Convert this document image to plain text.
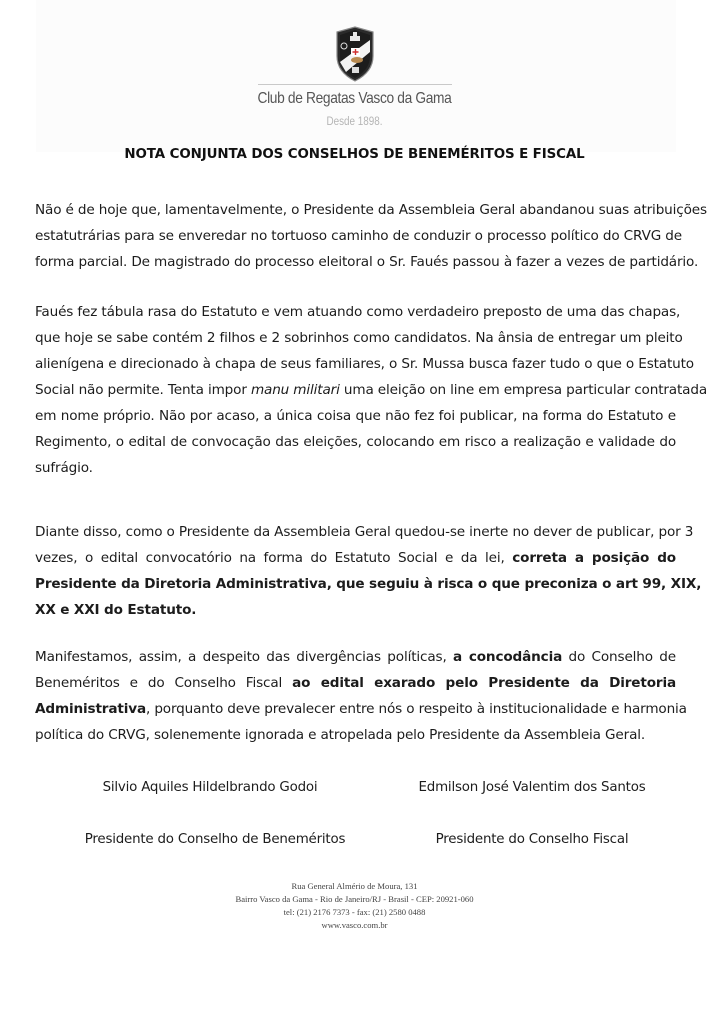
Club de Regatas Vasco da Gama
Desde 1898.
NOTA CONJUNTA DOS CONSELHOS DE BENEMÉRITOS E FISCAL
Não é de hoje que, lamentavelmente, o Presidente da Assembleia Geral abandanou suas atribuições
estatutrárias para se enveredar no tortuoso caminho de conduzir o processo político do CRVG de
forma parcial. De magistrado do processo eleitoral o Sr. Faués passou à fazer a vezes de partidário.
Faués fez tábula rasa do Estatuto e vem atuando como verdadeiro preposto de uma das chapas,
que hoje se sabe contém 2 filhos e 2 sobrinhos como candidatos. Na ânsia de entregar um pleito
alienígena e direcionado à chapa de seus familiares, o Sr. Mussa busca fazer tudo o que o Estatuto
Social não permite. Tenta impor manu militari uma eleição on line em empresa particular contratada
em nome próprio. Não por acaso, a única coisa que não fez foi publicar, na forma do Estatuto e
Regimento, o edital de convocação das eleições, colocando em risco a realização e validade do
sufrágio.
Diante disso, como o Presidente da Assembleia Geral quedou-se inerte no dever de publicar, por 3
vezes, o edital convocatório na forma do Estatuto Social e da lei, correta a posição do
Presidente da Diretoria Administrativa, que seguiu à risca o que preconiza o art 99, XIX,
XX e XXI do Estatuto.
Manifestamos, assim, a despeito das divergências políticas, a concodância do Conselho de
Beneméritos e do Conselho Fiscal ao edital exarado pelo Presidente da Diretoria
Administrativa, porquanto deve prevalecer entre nós o respeito à institucionalidade e harmonia
política do CRVG, solenemente ignorada e atropelada pelo Presidente da Assembleia Geral.
Silvio Aquiles Hildelbrando Godoi	Edmilson José Valentim dos Santos
Presidente do Conselho de Beneméritos	Presidente do Conselho Fiscal
Rua General Almério de Moura, 131
Bairro Vasco da Gama - Rio de Janeiro/RJ - Brasil - CEP: 20921-060
tel: (21) 2176 7373 - fax: (21) 2580 0488
www.vasco.com.br
